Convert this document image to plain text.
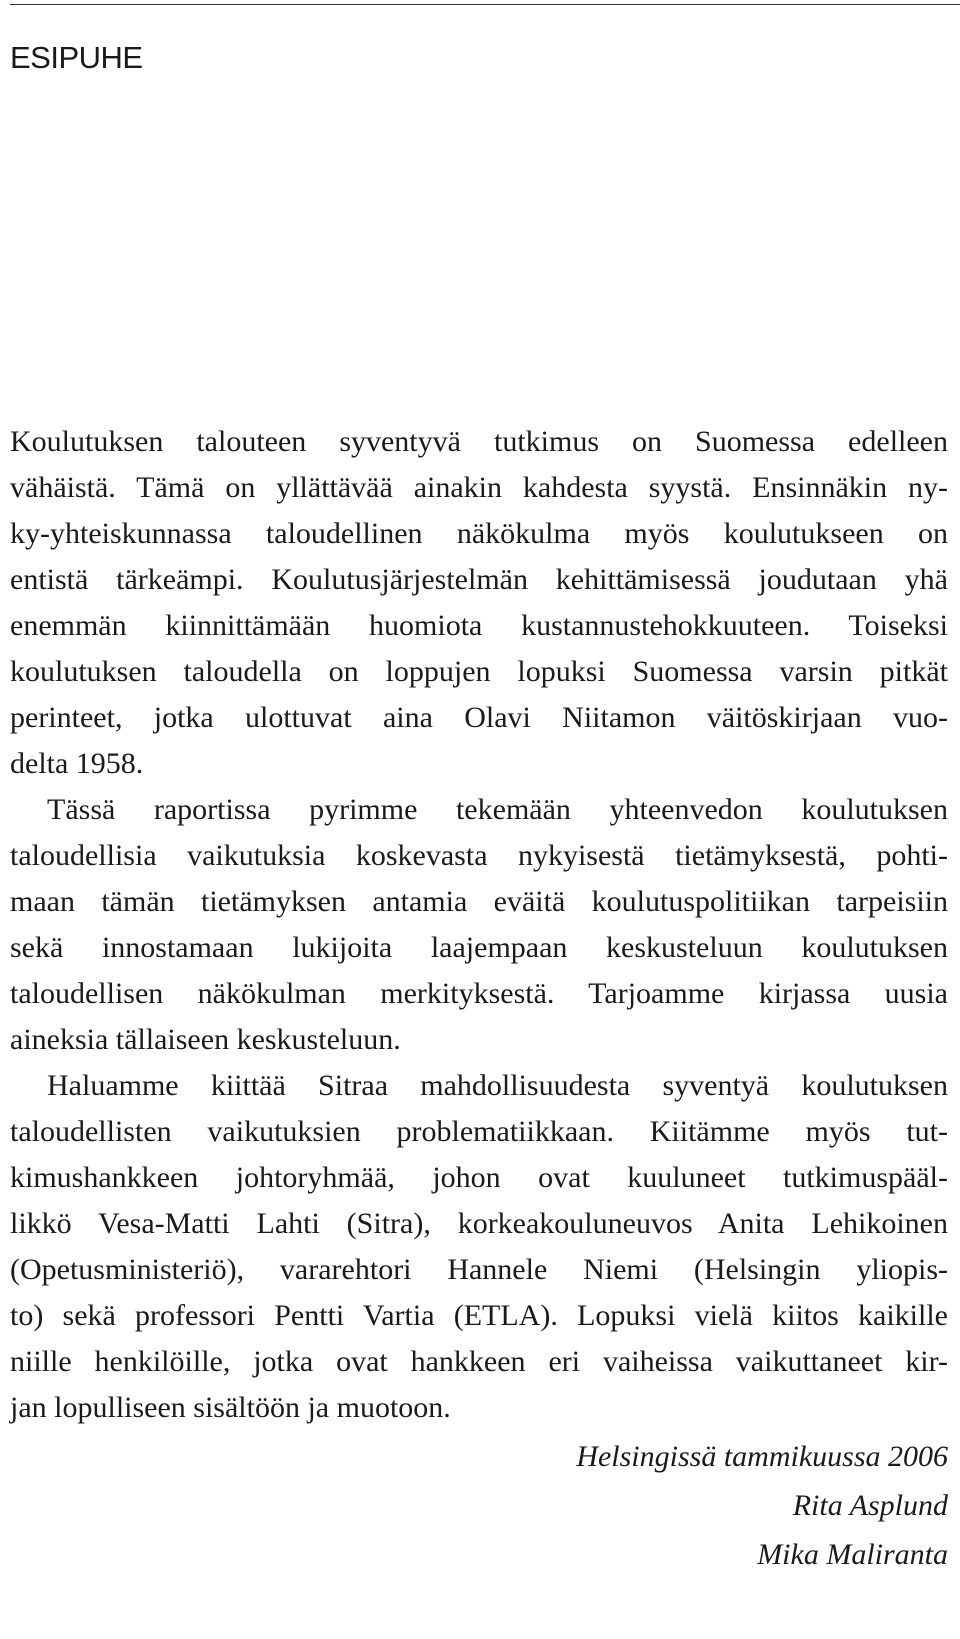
ESIPUHE
Koulutuksen talouteen syventyvä tutkimus on Suomessa edelleen
vähäistä. Tämä on yllättävää ainakin kahdesta syystä. Ensinnäkin ny-
ky-yhteiskunnassa taloudellinen näkökulma myös koulutukseen on
entistä tärkeämpi. Koulutusjärjestelmän kehittämisessä joudutaan yhä
enemmän kiinnittämään huomiota kustannustehokkuuteen. Toiseksi
koulutuksen taloudella on loppujen lopuksi Suomessa varsin pitkät
perinteet, jotka ulottuvat aina Olavi Niitamon väitöskirjaan vuo-
delta 1958.
Tässä raportissa pyrimme tekemään yhteenvedon koulutuksen
taloudellisia vaikutuksia koskevasta nykyisestä tietämyksestä, pohti-
maan tämän tietämyksen antamia eväitä koulutuspolitiikan tarpeisiin
sekä innostamaan lukijoita laajempaan keskusteluun koulutuksen
taloudellisen näkökulman merkityksestä. Tarjoamme kirjassa uusia
aineksia tällaiseen keskusteluun.
Haluamme kiittää Sitraa mahdollisuudesta syventyä koulutuksen
taloudellisten vaikutuksien problematiikkaan. Kiitämme myös tut-
kimushankkeen johtoryhmää, johon ovat kuuluneet tutkimuspääl-
likkö Vesa-Matti Lahti (Sitra), korkeakouluneuvos Anita Lehikoinen
(Opetusministeriö), vararehtori Hannele Niemi (Helsingin yliopis-
to) sekä professori Pentti Vartia (ETLA). Lopuksi vielä kiitos kaikille
niille henkilöille, jotka ovat hankkeen eri vaiheissa vaikuttaneet kir-
jan lopulliseen sisältöön ja muotoon.
Helsingissä tammikuussa 2006
Rita Asplund
Mika Maliranta
